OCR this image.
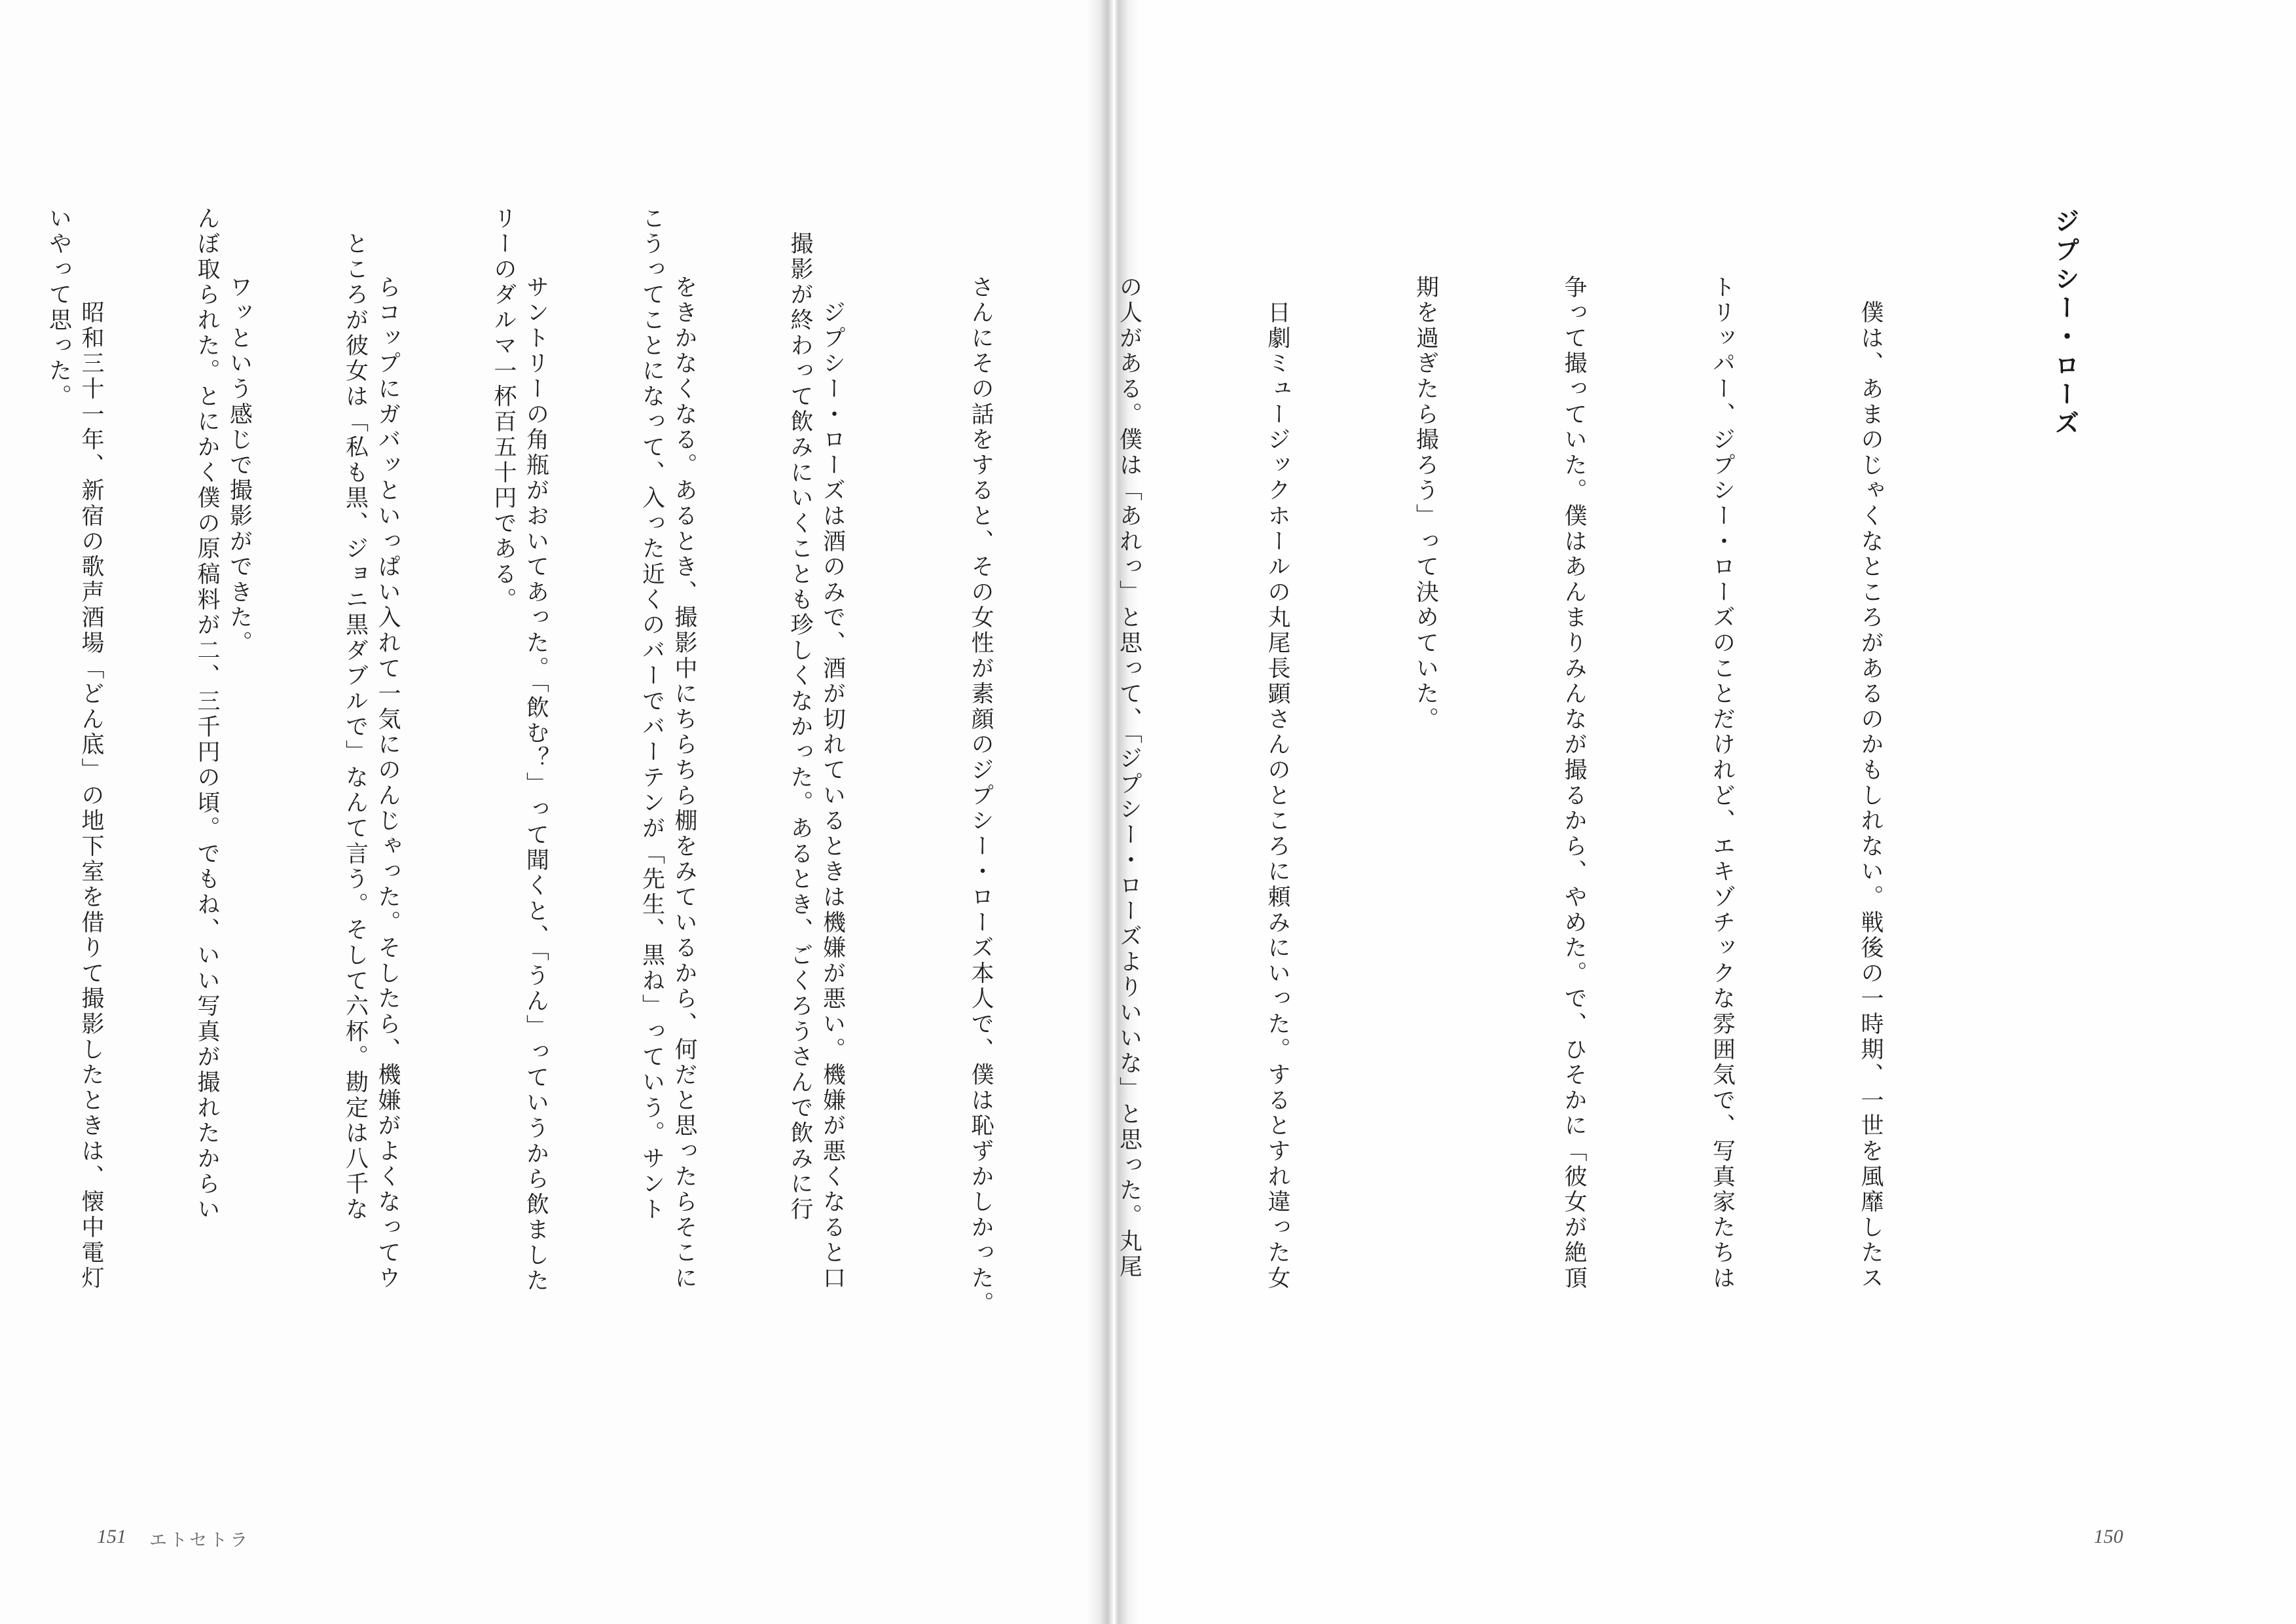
ジプシー・ローズ

　僕は、あまのじゃくなところがあるのかもしれない。戦後の一時期、一世を風靡したス

トリッパー、ジプシー・ローズのことだけれど、エキゾチックな雰囲気で、写真家たちは

争って撮っていた。僕はあんまりみんなが撮るから、やめた。で、ひそかに「彼女が絶頂

期を過ぎたら撮ろう」って決めていた。

　日劇ミュージックホールの丸尾長顕さんのところに頼みにいった。するとすれ違った女

の人がある。僕は「あれっ」と思って、「ジプシー・ローズよりいいな」と思った。丸尾

さんにその話をすると、その女性が素顔のジプシー・ローズ本人で、僕は恥ずかしかった。

　ジプシー・ローズは酒のみで、酒が切れているときは機嫌が悪い。機嫌が悪くなると口

をきかなくなる。あるとき、撮影中にちらちら棚をみているから、何だと思ったらそこに

サントリーの角瓶がおいてあった。「飲む？」って聞くと、「うん」っていうから飲ました

らコップにガバッといっぱい入れて一気にのんじゃった。そしたら、機嫌がよくなってウ

ワッという感じで撮影ができた。

　昭和三十一年、新宿の歌声酒場「どん底」の地下室を借りて撮影したときは、懐中電灯

	　撮影が終わって飲みにいくことも珍しくなかった。あるとき、ごくろうさんで飲みに行

こうってことになって、入った近くのバーでバーテンが「先生、黒ね」っていう。サント

リーのダルマ一杯百五十円である。

　ところが彼女は「私も黒、ジョニ黒ダブルで」なんて言う。そして六杯。勘定は八千な

んぼ取られた。とにかく僕の原稿料が二、三千円の頃。でもね、いい写真が撮れたからい

いやって思った。

151 エトセトラ	150
